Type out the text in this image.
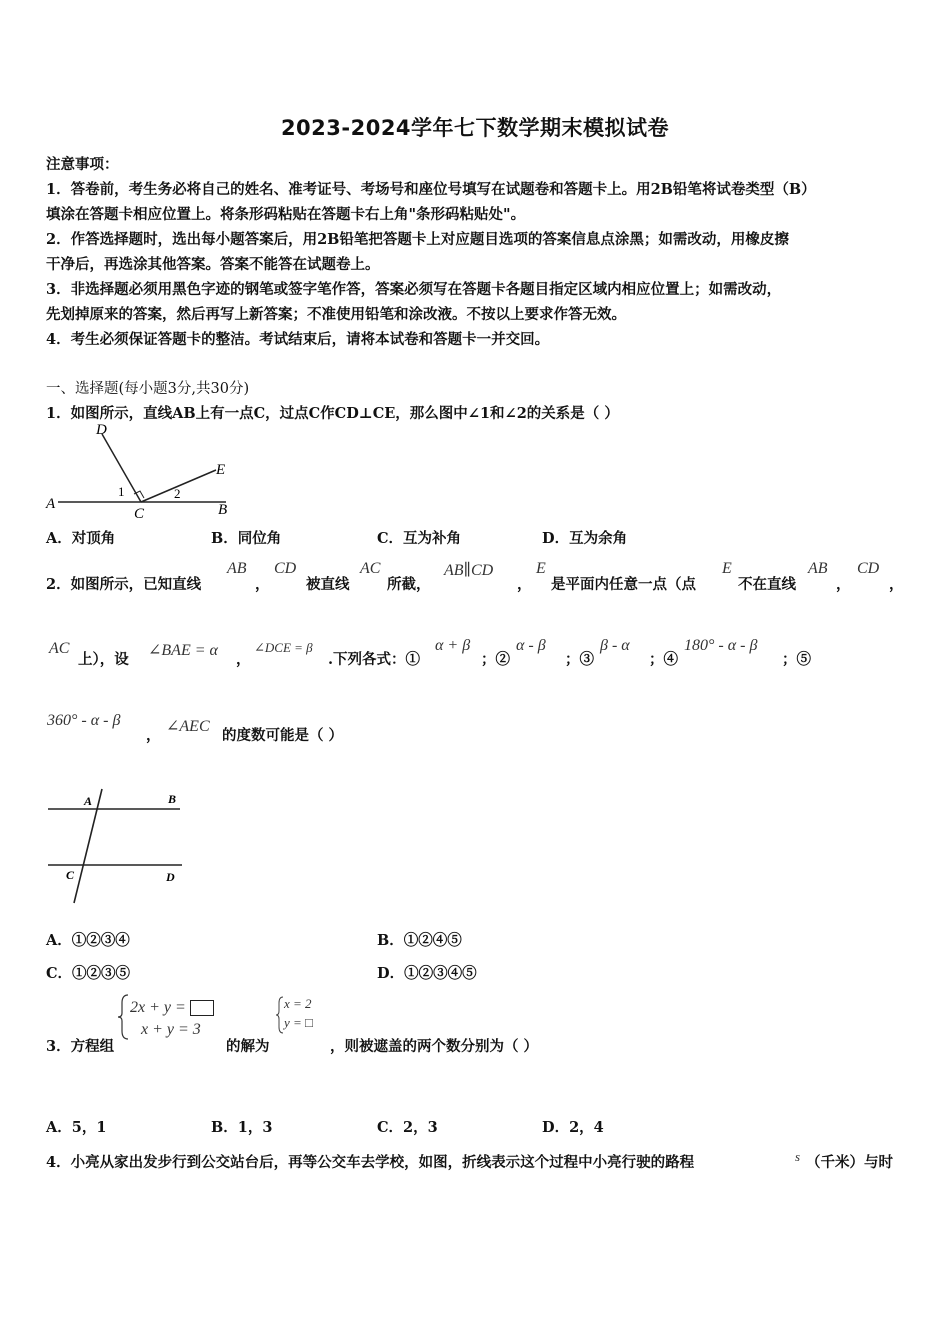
2023-2024学年七下数学期末模拟试卷
注意事项：
1．答卷前，考生务必将自己的姓名、准考证号、考场号和座位号填写在试题卷和答题卡上。用2B铅笔将试卷类型（B）
填涂在答题卡相应位置上。将条形码粘贴在答题卡右上角"条形码粘贴处"。
2．作答选择题时，选出每小题答案后，用2B铅笔把答题卡上对应题目选项的答案信息点涂黑；如需改动，用橡皮擦
干净后，再选涂其他答案。答案不能答在试题卷上。
3．非选择题必须用黑色字迹的钢笔或签字笔作答，答案必须写在答题卡各题目指定区域内相应位置上；如需改动，
先划掉原来的答案，然后再写上新答案；不准使用铅笔和涂改液。不按以上要求作答无效。
4．考生必须保证答题卡的整洁。考试结束后，请将本试卷和答题卡一并交回。
一、选择题(每小题3分,共30分)
1．如图所示，直线AB上有一点C，过点C作CD⊥CE，那么图中∠1和∠2的关系是（ ）
D
E
A	B
C
1	2
A．对顶角	B．同位角	C．互为补角	D．互为余角
2．如图所示，已知直线
AB
，
CD
被直线
AC
所截，
AB∥CD
，
E
是平面内任意一点（点
E
不在直线
AB
，
CD
，
AC
上），设
∠BAE = α
，
∠DCE = β
.下列各式：①
α + β
；②
α - β
；③
β - α
；④
180° - α - β
；⑤
360° - α - β
，
∠AEC
的度数可能是（ ）
A	B
C	D
A．①②③④	B．①②④⑤
C．①②③⑤	D．①②③④⑤
3．方程组
2x + y =
x + y = 3
的解为
x = 2
y = □
，则被遮盖的两个数分别为（ ）
A．5，1	B．1，3	C．2，3	D．2，4
4．小亮从家出发步行到公交站台后，再等公交车去学校，如图，折线表示这个过程中小亮行驶的路程	s （千米）与时
